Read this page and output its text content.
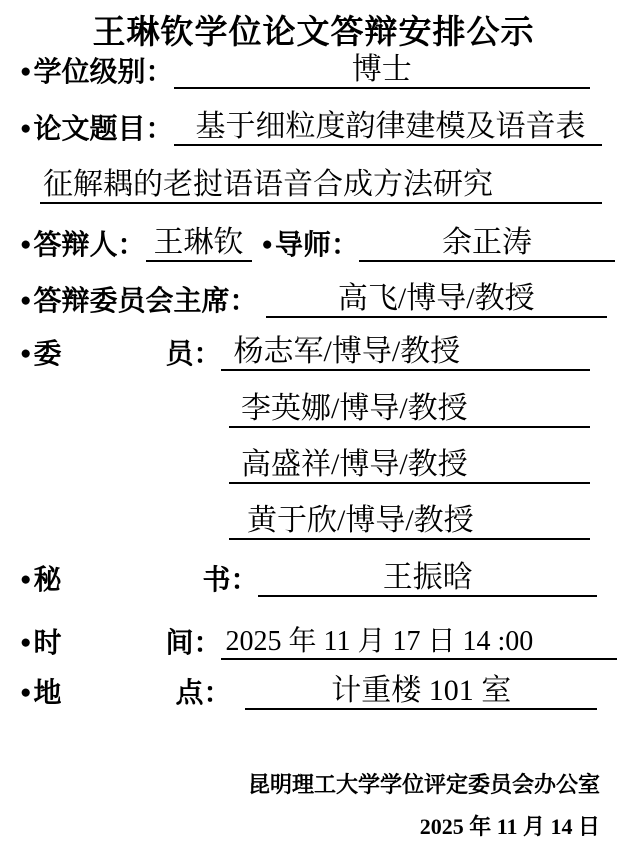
王琳钦学位论文答辩安排公示
● 学位级别：	博士
● 论文题目： 基于细粒度韵律建模及语音表
征解耦的老挝语语音合成方法研究
● 答辩人： 王琳钦 ● 导师：	余正涛
● 答辩委员会主席：	高飞/博导/教授
● 委	员： 杨志军/博导/教授
李英娜/博导/教授
高盛祥/博导/教授
黄于欣/博导/教授
● 秘	书：	王振晗
● 时	间： 2025 年 11 月 17 日 14 :00
● 地	点：	计重楼 101 室
昆明理工大学学位评定委员会办公室
2025 年 11 月 14 日
